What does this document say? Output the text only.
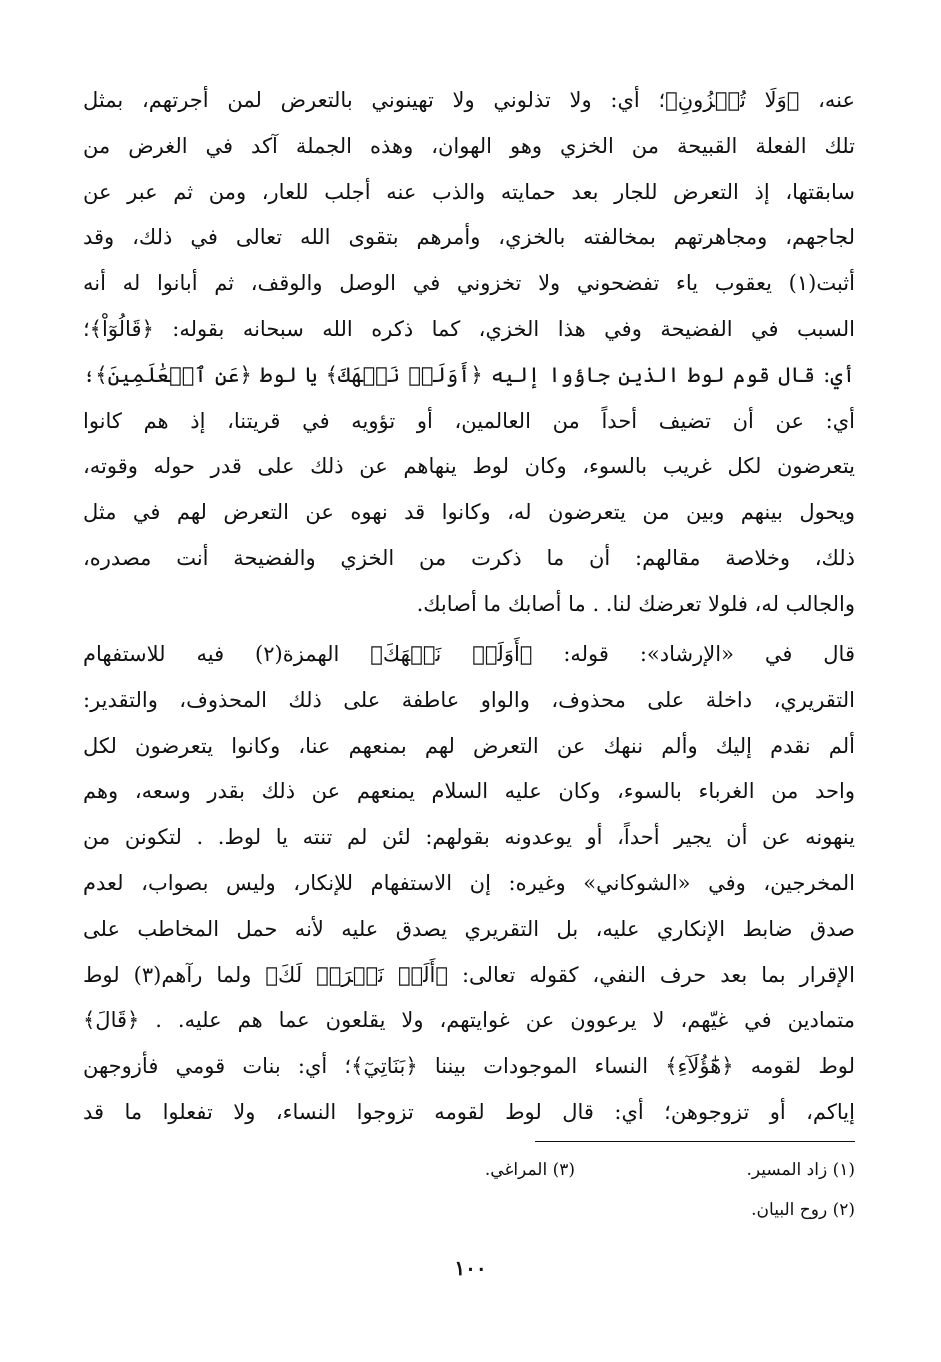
عنه، ﴿وَلَا تُخۡزُونِ﴾؛ أي: ولا تذلوني ولا تهينوني بالتعرض لمن أجرتهم، بمثل
تلك الفعلة القبيحة من الخزي وهو الهوان، وهذه الجملة آكد في الغرض من
سابقتها، إذ التعرض للجار بعد حمايته والذب عنه أجلب للعار، ومن ثم عبر عن
لجاجهم، ومجاهرتهم بمخالفته بالخزي، وأمرهم بتقوى الله تعالى في ذلك، وقد
أثبت(١) يعقوب ياء تفضحوني ولا تخزوني في الوصل والوقف، ثم أبانوا له أنه
السبب في الفضيحة وفي هذا الخزي، كما ذكره الله سبحانه بقوله: ﴿قَالُوٓاْ﴾؛
أي: قال قوم لوط الذين جاؤوا إليه ﴿أَوَلَمۡ نَنۡهَكَ﴾ يا لوط ﴿عَنِ ٱلۡعَٰلَمِينَ﴾؛
أي: عن أن تضيف أحداً من العالمين، أو تؤويه في قريتنا، إذ هم كانوا
يتعرضون لكل غريب بالسوء، وكان لوط ينهاهم عن ذلك على قدر حوله وقوته،
ويحول بينهم وبين من يتعرضون له، وكانوا قد نهوه عن التعرض لهم في مثل
ذلك، وخلاصة مقالهم: أن ما ذكرت من الخزي والفضيحة أنت مصدره،
والجالب له، فلولا تعرضك لنا. . ما أصابك ما أصابك.
قال في «الإرشاد»: قوله: ﴿أَوَلَمۡ نَنۡهَكَ﴾ الهمزة(٢) فيه للاستفهام
التقريري، داخلة على محذوف، والواو عاطفة على ذلك المحذوف، والتقدير:
ألم نقدم إليك وألم ننهك عن التعرض لهم بمنعهم عنا، وكانوا يتعرضون لكل
واحد من الغرباء بالسوء، وكان عليه السلام يمنعهم عن ذلك بقدر وسعه، وهم
ينهونه عن أن يجير أحداً، أو يوعدونه بقولهم: لئن لم تنته يا لوط. . لتكونن من
المخرجين، وفي «الشوكاني» وغيره: إن الاستفهام للإنكار، وليس بصواب، لعدم
صدق ضابط الإنكاري عليه، بل التقريري يصدق عليه لأنه حمل المخاطب على
الإقرار بما بعد حرف النفي، كقوله تعالى: ﴿أَلَمۡ نَشۡرَحۡ لَكَ﴾ ولما رآهم(٣) لوط
متمادين في غيّهم، لا يرعوون عن غوايتهم، ولا يقلعون عما هم عليه. . ﴿قَالَ﴾
لوط لقومه ﴿هَٰٓؤُلَآءِ﴾ النساء الموجودات بيننا ﴿بَنَاتِيٓ﴾؛ أي: بنات قومي فأزوجهن
إياكم، أو تزوجوهن؛ أي: قال لوط لقومه تزوجوا النساء، ولا تفعلوا ما قد
(١) زاد المسير.
(٣) المراغي.
(٢) روح البيان.
١٠٠
